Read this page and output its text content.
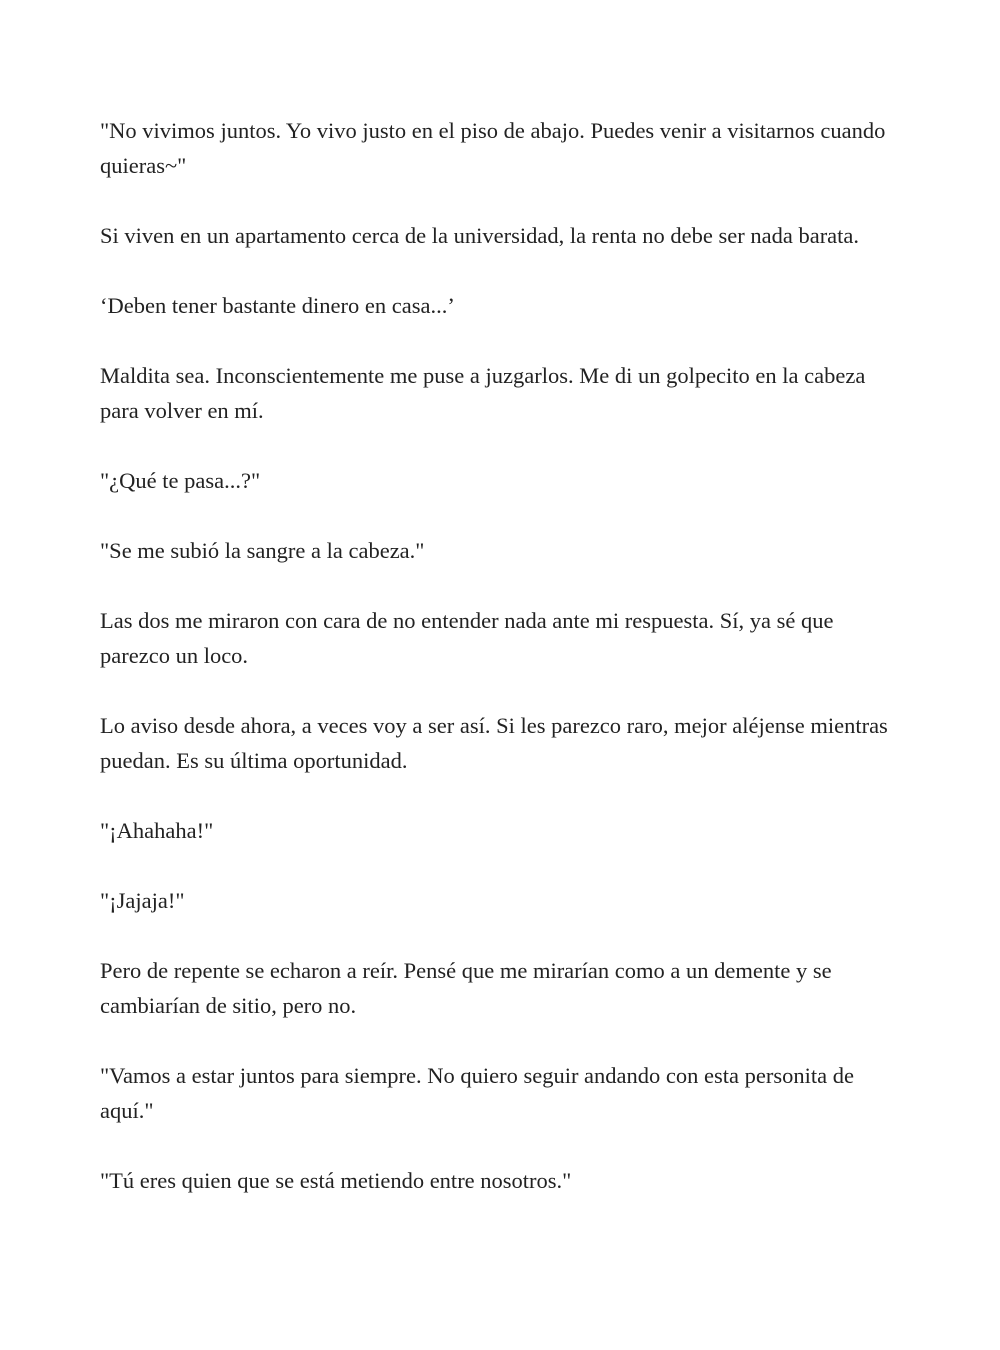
"No vivimos juntos. Yo vivo justo en el piso de abajo. Puedes venir a visitarnos cuando quieras~"

Si viven en un apartamento cerca de la universidad, la renta no debe ser nada barata.

‘Deben tener bastante dinero en casa...’

Maldita sea. Inconscientemente me puse a juzgarlos. Me di un golpecito en la cabeza para volver en mí.

"¿Qué te pasa...?"

"Se me subió la sangre a la cabeza."

Las dos me miraron con cara de no entender nada ante mi respuesta. Sí, ya sé que parezco un loco.

Lo aviso desde ahora, a veces voy a ser así. Si les parezco raro, mejor aléjense mientras puedan. Es su última oportunidad.

"¡Ahahaha!"

"¡Jajaja!"

Pero de repente se echaron a reír. Pensé que me mirarían como a un demente y se cambiarían de sitio, pero no.

"Vamos a estar juntos para siempre. No quiero seguir andando con esta personita de aquí."

"Tú eres quien que se está metiendo entre nosotros."
